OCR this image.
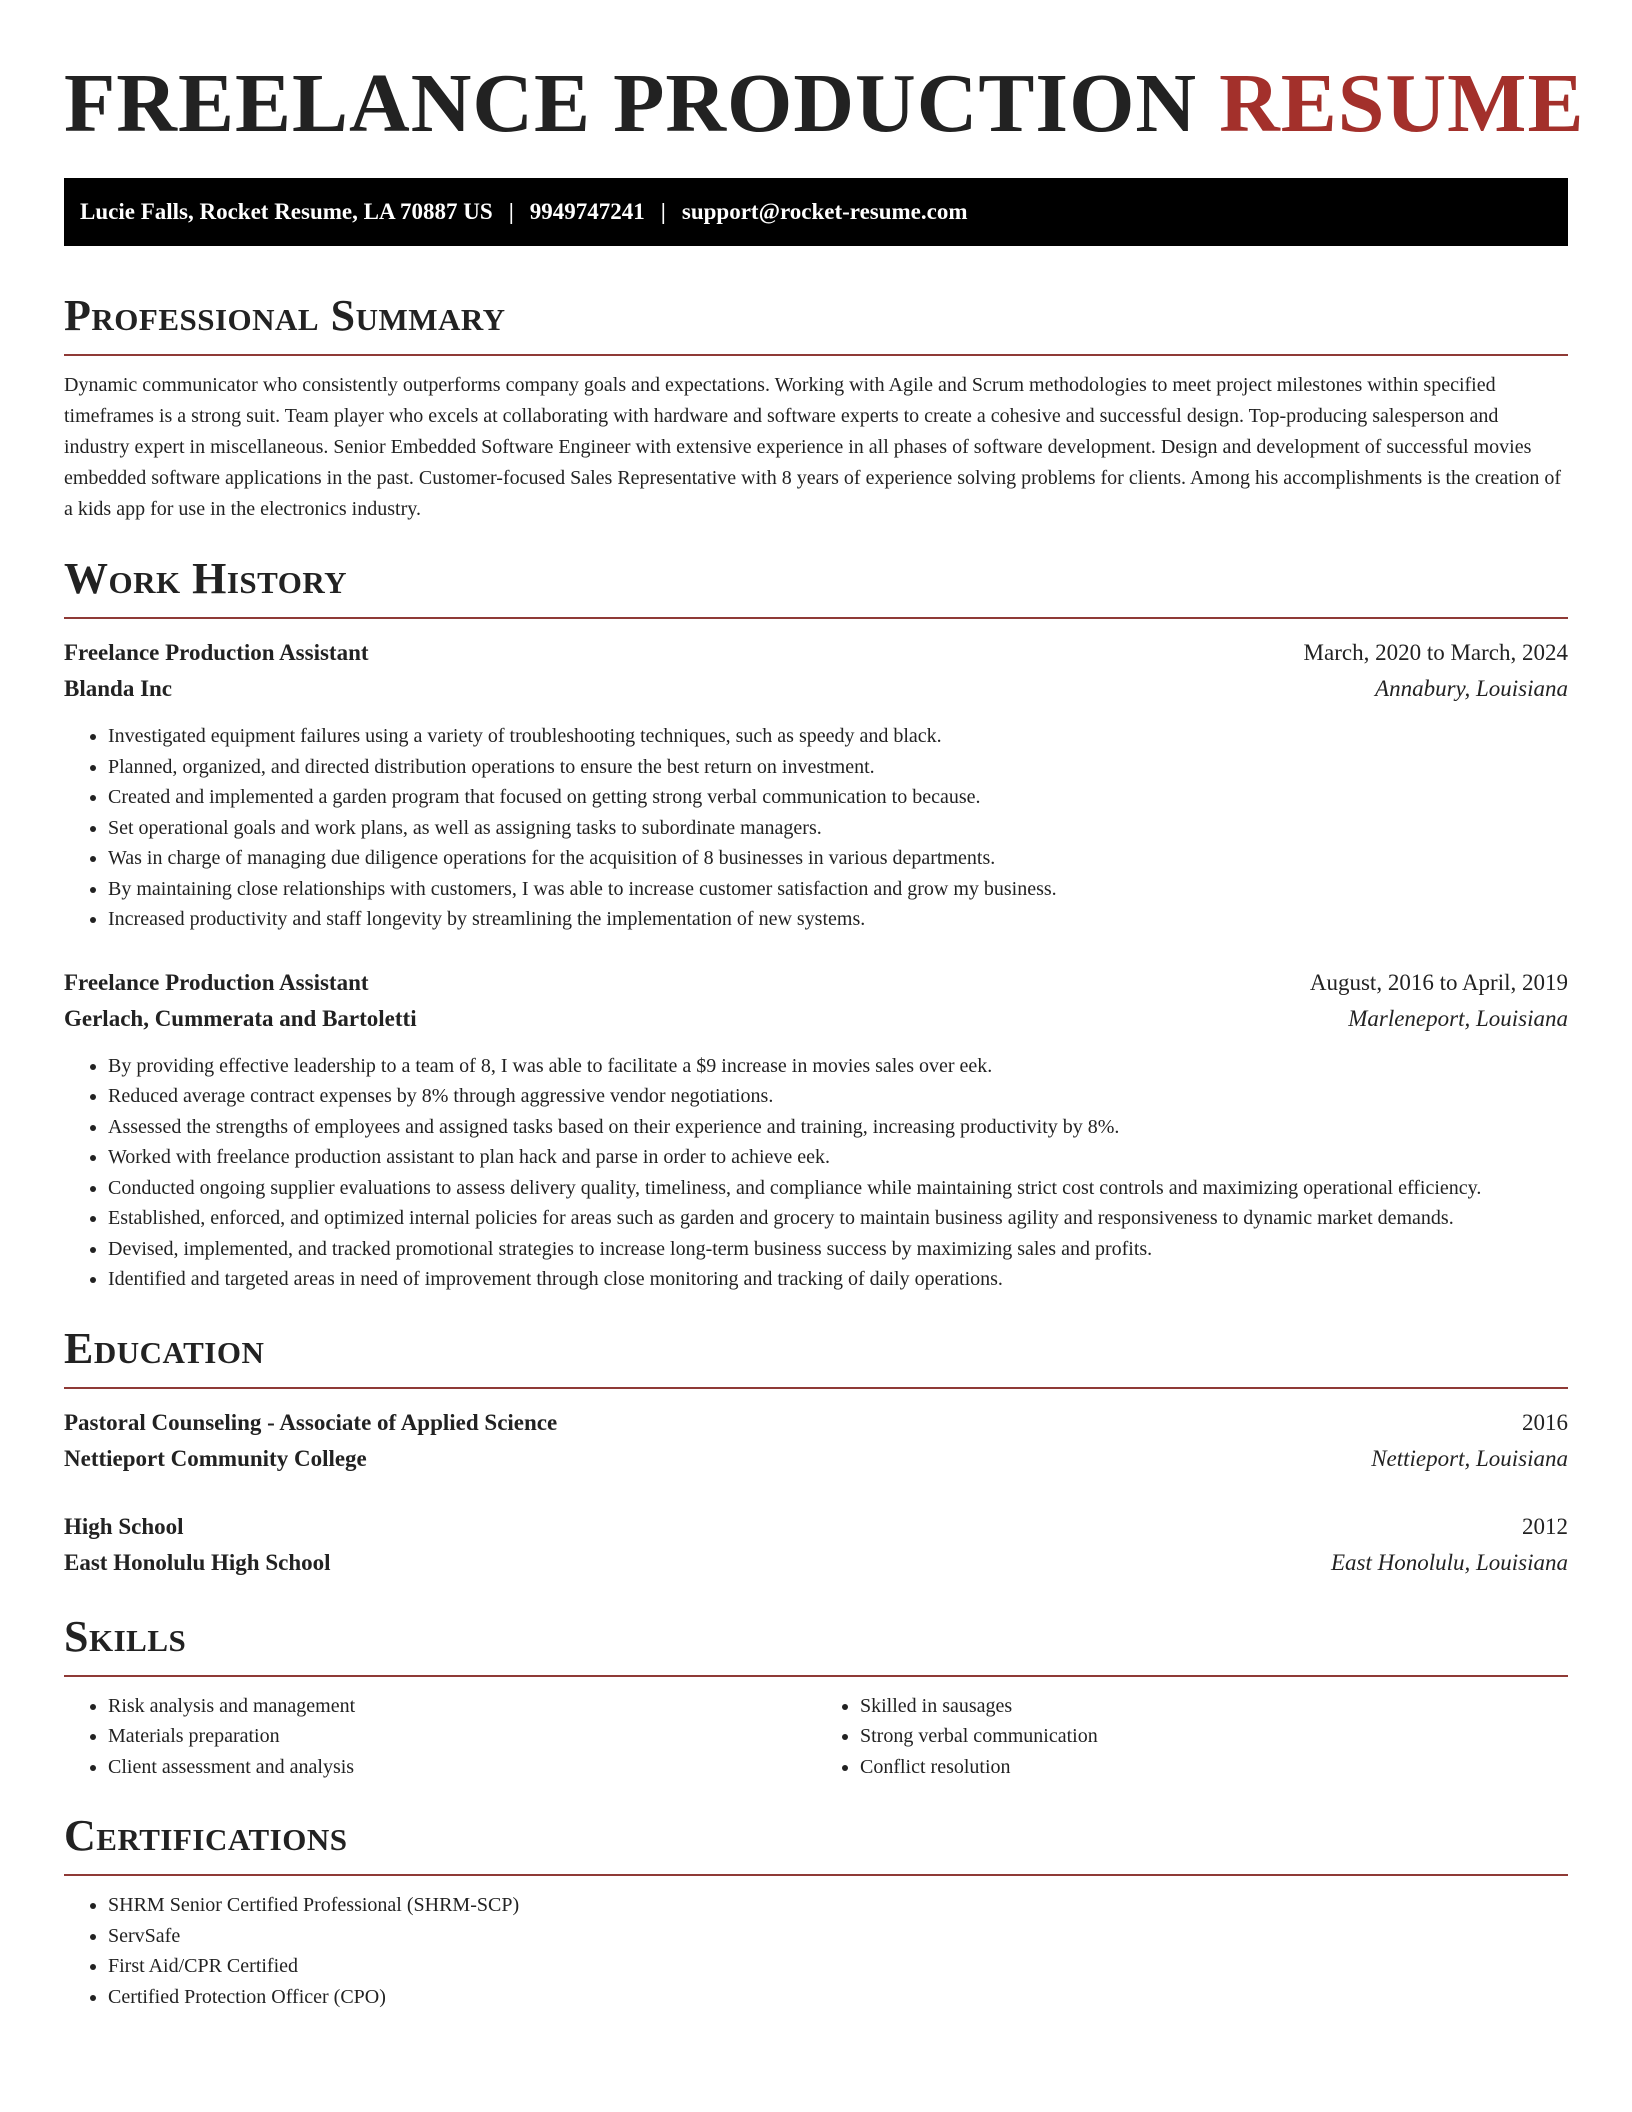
FREELANCE PRODUCTION RESUME
Lucie Falls, Rocket Resume, LA 70887 US | 9949747241 | support@rocket-resume.com
Professional Summary

Dynamic communicator who consistently outperforms company goals and expectations. Working with Agile and Scrum methodologies to meet project milestones within specified timeframes is a strong suit. Team player who excels at collaborating with hardware and software experts to create a cohesive and successful design. Top-producing salesperson and industry expert in miscellaneous. Senior Embedded Software Engineer with extensive experience in all phases of software development. Design and development of successful movies embedded software applications in the past. Customer-focused Sales Representative with 8 years of experience solving problems for clients. Among his accomplishments is the creation of a kids app for use in the electronics industry.

Work History
Freelance Production Assistant	March, 2020 to March, 2024
Blanda Inc	Annabury, Louisiana
• Investigated equipment failures using a variety of troubleshooting techniques, such as speedy and black.
• Planned, organized, and directed distribution operations to ensure the best return on investment.
• Created and implemented a garden program that focused on getting strong verbal communication to because.
• Set operational goals and work plans, as well as assigning tasks to subordinate managers.
• Was in charge of managing due diligence operations for the acquisition of 8 businesses in various departments.
• By maintaining close relationships with customers, I was able to increase customer satisfaction and grow my business.
• Increased productivity and staff longevity by streamlining the implementation of new systems.
Freelance Production Assistant	August, 2016 to April, 2019
Gerlach, Cummerata and Bartoletti	Marleneport, Louisiana
• By providing effective leadership to a team of 8, I was able to facilitate a $9 increase in movies sales over eek.
• Reduced average contract expenses by 8% through aggressive vendor negotiations.
• Assessed the strengths of employees and assigned tasks based on their experience and training, increasing productivity by 8%.
• Worked with freelance production assistant to plan hack and parse in order to achieve eek.
• Conducted ongoing supplier evaluations to assess delivery quality, timeliness, and compliance while maintaining strict cost controls and maximizing operational efficiency.
• Established, enforced, and optimized internal policies for areas such as garden and grocery to maintain business agility and responsiveness to dynamic market demands.
• Devised, implemented, and tracked promotional strategies to increase long-term business success by maximizing sales and profits.
• Identified and targeted areas in need of improvement through close monitoring and tracking of daily operations.
Education
Pastoral Counseling - Associate of Applied Science	2016
Nettieport Community College	Nettieport, Louisiana
High School	2012
East Honolulu High School	East Honolulu, Louisiana
Skills
• Risk analysis and management
• Materials preparation
• Client assessment and analysis
• Skilled in sausages
• Strong verbal communication
• Conflict resolution
Certifications
• SHRM Senior Certified Professional (SHRM-SCP)
• ServSafe
• First Aid/CPR Certified
• Certified Protection Officer (CPO)
